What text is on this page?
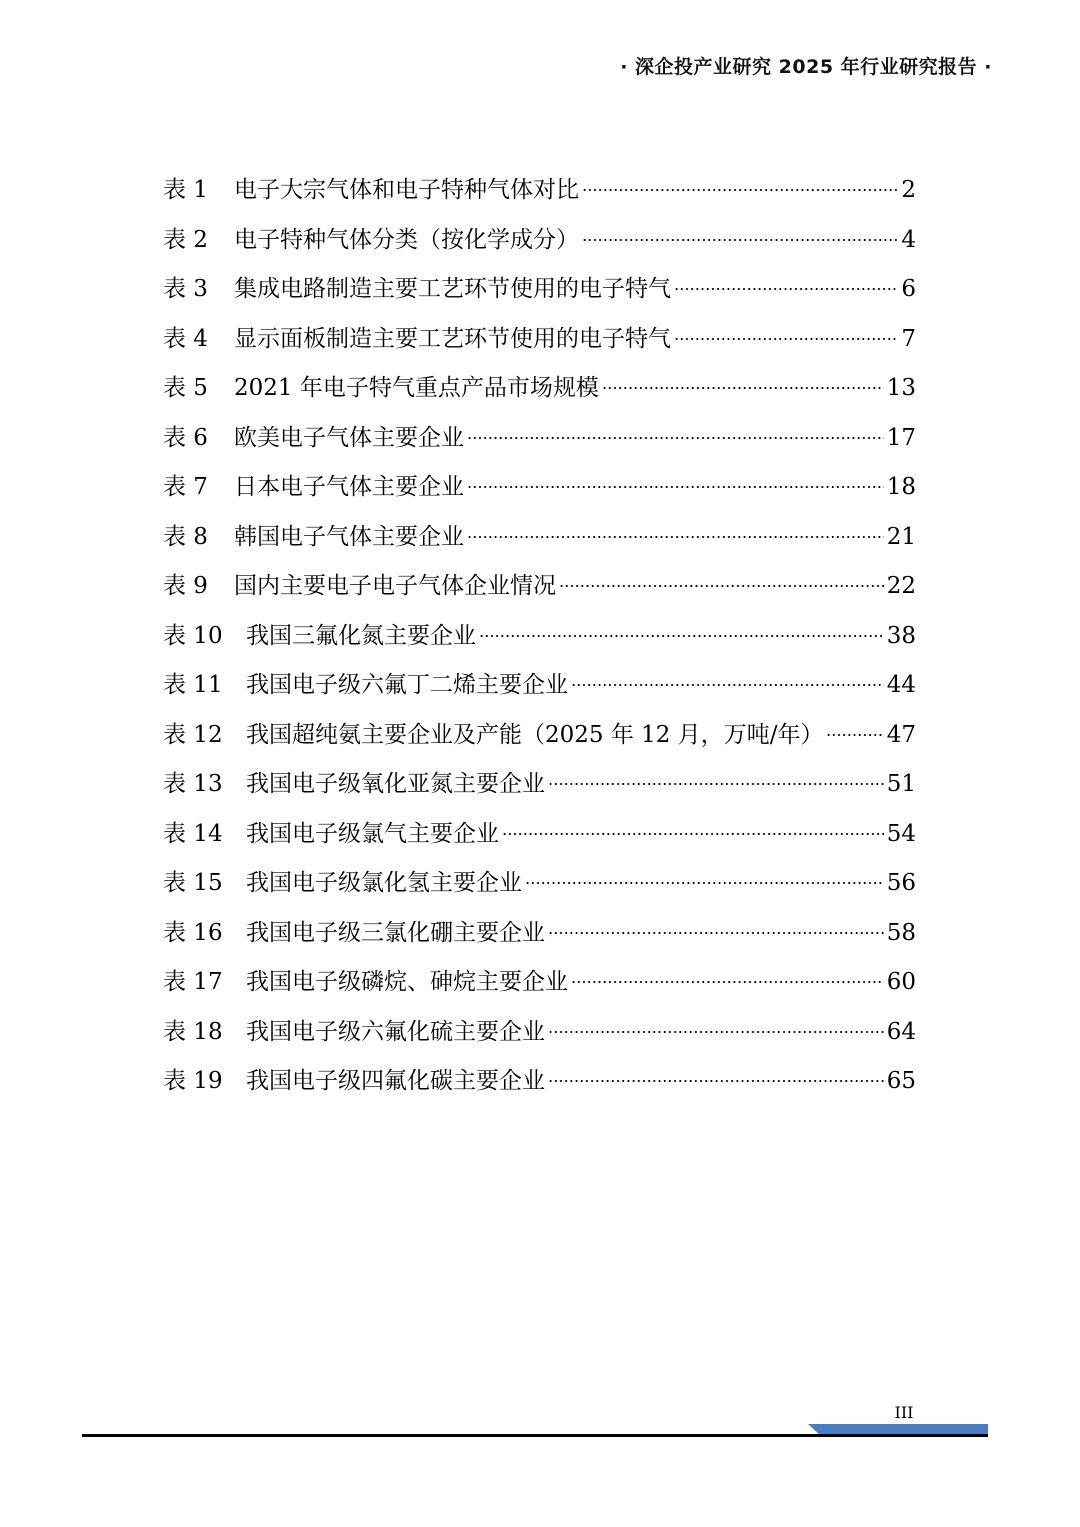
· 深企投产业研究 2025 年行业研究报告 ·
表 1	电子大宗气体和电子特种气体对比	2
表 2	电子特种气体分类（按化学成分）	4
表 3	集成电路制造主要工艺环节使用的电子特气	6
表 4	显示面板制造主要工艺环节使用的电子特气	7
表 5	2021 年电子特气重点产品市场规模	13
表 6	欧美电子气体主要企业	17
表 7	日本电子气体主要企业	18
表 8	韩国电子气体主要企业	21
表 9	国内主要电子电子气体企业情况	22
表 10	我国三氟化氮主要企业	38
表 11	我国电子级六氟丁二烯主要企业	44
表 12	我国超纯氨主要企业及产能（2025 年 12 月，万吨/年）	47
表 13	我国电子级氧化亚氮主要企业	51
表 14	我国电子级氯气主要企业	54
表 15	我国电子级氯化氢主要企业	56
表 16	我国电子级三氯化硼主要企业	58
表 17	我国电子级磷烷、砷烷主要企业	60
表 18	我国电子级六氟化硫主要企业	64
表 19	我国电子级四氟化碳主要企业	65
III
